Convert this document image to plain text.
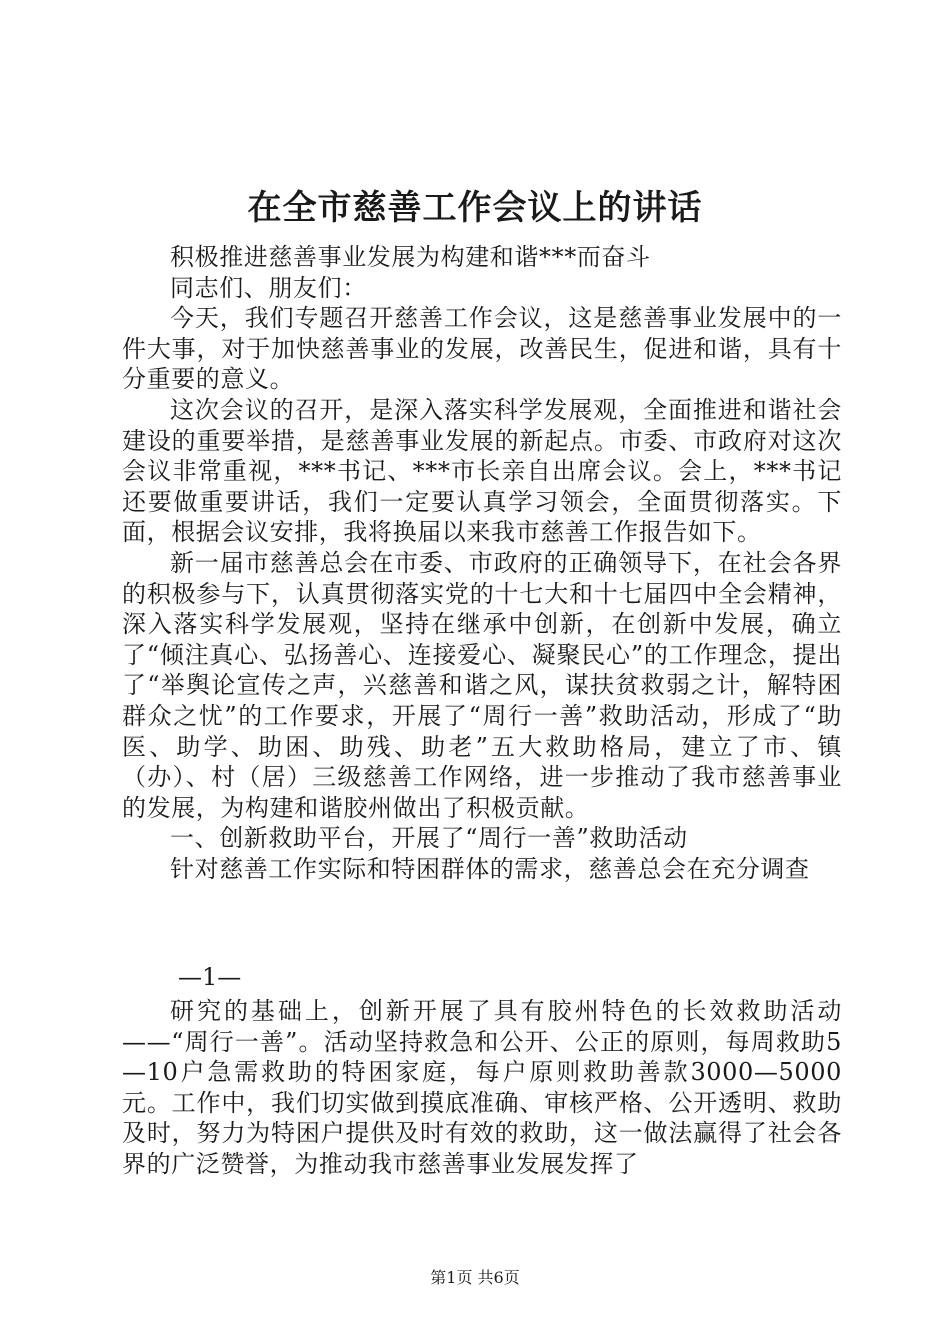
在全市慈善工作会议上的讲话

积极推进慈善事业发展为构建和谐***而奋斗

同志们、朋友们：

今天，我们专题召开慈善工作会议，这是慈善事业发展中的一件大事，对于加快慈善事业的发展，改善民生，促进和谐，具有十分重要的意义。

这次会议的召开，是深入落实科学发展观，全面推进和谐社会建设的重要举措，是慈善事业发展的新起点。市委、市政府对这次会议非常重视，***书记、***市长亲自出席会议。会上，***书记还要做重要讲话，我们一定要认真学习领会，全面贯彻落实。下面，根据会议安排，我将换届以来我市慈善工作报告如下。

新一届市慈善总会在市委、市政府的正确领导下，在社会各界的积极参与下，认真贯彻落实党的十七大和十七届四中全会精神，深入落实科学发展观，坚持在继承中创新，在创新中发展，确立了“倾注真心、弘扬善心、连接爱心、凝聚民心”的工作理念，提出了“举舆论宣传之声，兴慈善和谐之风，谋扶贫救弱之计，解特困群众之忧”的工作要求，开展了“周行一善”救助活动，形成了“助医、助学、助困、助残、助老”五大救助格局，建立了市、镇（办）、村（居）三级慈善工作网络，进一步推动了我市慈善事业的发展，为构建和谐胶州做出了积极贡献。

一、创新救助平台，开展了“周行一善”救助活动

针对慈善工作实际和特困群体的需求，慈善总会在充分调查

—1—

研究的基础上，创新开展了具有胶州特色的长效救助活动——“周行一善”。活动坚持救急和公开、公正的原则，每周救助5—10户急需救助的特困家庭，每户原则救助善款3000—5000元。工作中，我们切实做到摸底准确、审核严格、公开透明、救助及时，努力为特困户提供及时有效的救助，这一做法赢得了社会各界的广泛赞誉，为推动我市慈善事业发展发挥了

第1页 共6页
